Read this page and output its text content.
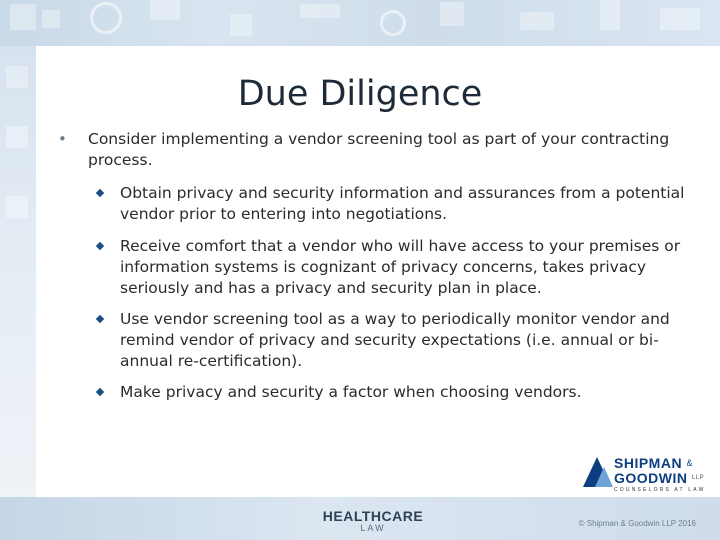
Due Diligence
• Consider implementing a vendor screening tool as part of your contracting process.
Obtain privacy and security information and assurances from a potential vendor prior to entering into negotiations.
Receive comfort that a vendor who will have access to your premises or information systems is cognizant of privacy concerns, takes privacy seriously and has a privacy and security plan in place.
Use vendor screening tool as a way to periodically monitor vendor and remind vendor of privacy and security expectations (i.e. annual or bi-annual re-certification).
Make privacy and security a factor when choosing vendors.
SHIPMAN &
GOODWIN $^{LLP}$
COUNSELORS AT LAW
HEALTHCARE
LAW	© Shipman & Goodwin LLP 2016
